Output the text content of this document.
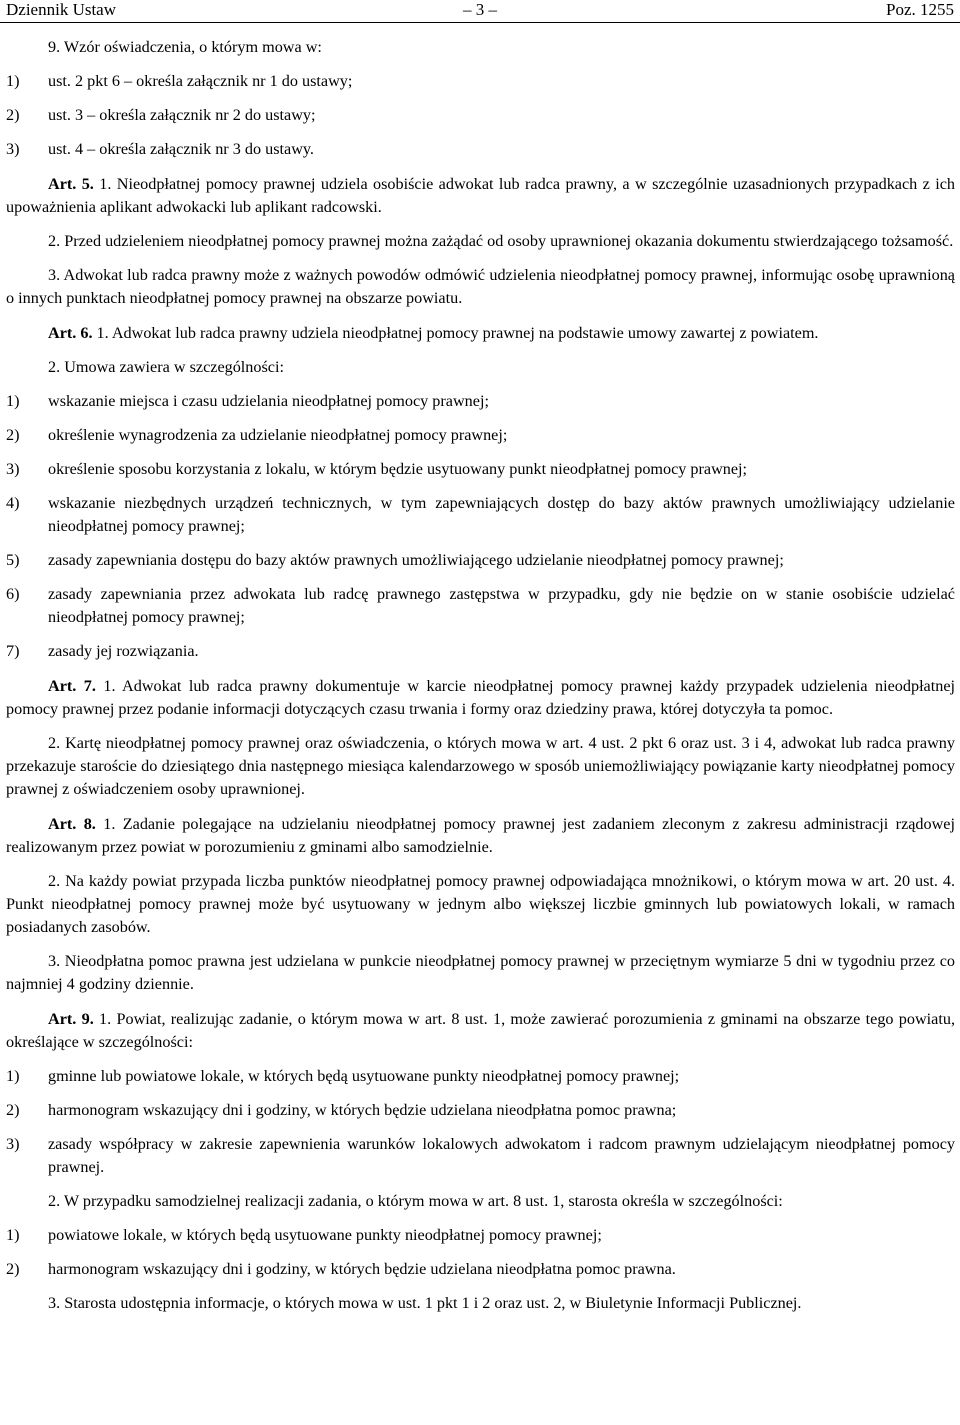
Dziennik Ustaw	– 3 –	Poz. 1255

9. Wzór oświadczenia, o którym mowa w:

1) ust. 2 pkt 6 – określa załącznik nr 1 do ustawy;
2) ust. 3 – określa załącznik nr 2 do ustawy;
3) ust. 4 – określa załącznik nr 3 do ustawy.

Art. 5. 1. Nieodpłatnej pomocy prawnej udziela osobiście adwokat lub radca prawny, a w szczególnie uzasadnionych przypadkach z ich upoważnienia aplikant adwokacki lub aplikant radcowski.

2. Przed udzieleniem nieodpłatnej pomocy prawnej można zażądać od osoby uprawnionej okazania dokumentu stwierdzającego tożsamość.

3. Adwokat lub radca prawny może z ważnych powodów odmówić udzielenia nieodpłatnej pomocy prawnej, informując osobę uprawnioną o innych punktach nieodpłatnej pomocy prawnej na obszarze powiatu.

Art. 6. 1. Adwokat lub radca prawny udziela nieodpłatnej pomocy prawnej na podstawie umowy zawartej z powiatem.

2. Umowa zawiera w szczególności:

1) wskazanie miejsca i czasu udzielania nieodpłatnej pomocy prawnej;
2) określenie wynagrodzenia za udzielanie nieodpłatnej pomocy prawnej;
3) określenie sposobu korzystania z lokalu, w którym będzie usytuowany punkt nieodpłatnej pomocy prawnej;
4) wskazanie niezbędnych urządzeń technicznych, w tym zapewniających dostęp do bazy aktów prawnych umożliwiający udzielanie nieodpłatnej pomocy prawnej;
5) zasady zapewniania dostępu do bazy aktów prawnych umożliwiającego udzielanie nieodpłatnej pomocy prawnej;
6) zasady zapewniania przez adwokata lub radcę prawnego zastępstwa w przypadku, gdy nie będzie on w stanie osobiście udzielać nieodpłatnej pomocy prawnej;
7) zasady jej rozwiązania.

Art. 7. 1. Adwokat lub radca prawny dokumentuje w karcie nieodpłatnej pomocy prawnej każdy przypadek udzielenia nieodpłatnej pomocy prawnej przez podanie informacji dotyczących czasu trwania i formy oraz dziedziny prawa, której dotyczyła ta pomoc.

2. Kartę nieodpłatnej pomocy prawnej oraz oświadczenia, o których mowa w art. 4 ust. 2 pkt 6 oraz ust. 3 i 4, adwokat lub radca prawny przekazuje staroście do dziesiątego dnia następnego miesiąca kalendarzowego w sposób uniemożliwiający powiązanie karty nieodpłatnej pomocy prawnej z oświadczeniem osoby uprawnionej.

Art. 8. 1. Zadanie polegające na udzielaniu nieodpłatnej pomocy prawnej jest zadaniem zleconym z zakresu administracji rządowej realizowanym przez powiat w porozumieniu z gminami albo samodzielnie.

2. Na każdy powiat przypada liczba punktów nieodpłatnej pomocy prawnej odpowiadająca mnożnikowi, o którym mowa w art. 20 ust. 4. Punkt nieodpłatnej pomocy prawnej może być usytuowany w jednym albo większej liczbie gminnych lub powiatowych lokali, w ramach posiadanych zasobów.

3. Nieodpłatna pomoc prawna jest udzielana w punkcie nieodpłatnej pomocy prawnej w przeciętnym wymiarze 5 dni w tygodniu przez co najmniej 4 godziny dziennie.

Art. 9. 1. Powiat, realizując zadanie, o którym mowa w art. 8 ust. 1, może zawierać porozumienia z gminami na obszarze tego powiatu, określające w szczególności:

1) gminne lub powiatowe lokale, w których będą usytuowane punkty nieodpłatnej pomocy prawnej;
2) harmonogram wskazujący dni i godziny, w których będzie udzielana nieodpłatna pomoc prawna;
3) zasady współpracy w zakresie zapewnienia warunków lokalowych adwokatom i radcom prawnym udzielającym nieodpłatnej pomocy prawnej.

2. W przypadku samodzielnej realizacji zadania, o którym mowa w art. 8 ust. 1, starosta określa w szczególności:

1) powiatowe lokale, w których będą usytuowane punkty nieodpłatnej pomocy prawnej;
2) harmonogram wskazujący dni i godziny, w których będzie udzielana nieodpłatna pomoc prawna.

3. Starosta udostępnia informacje, o których mowa w ust. 1 pkt 1 i 2 oraz ust. 2, w Biuletynie Informacji Publicznej.
